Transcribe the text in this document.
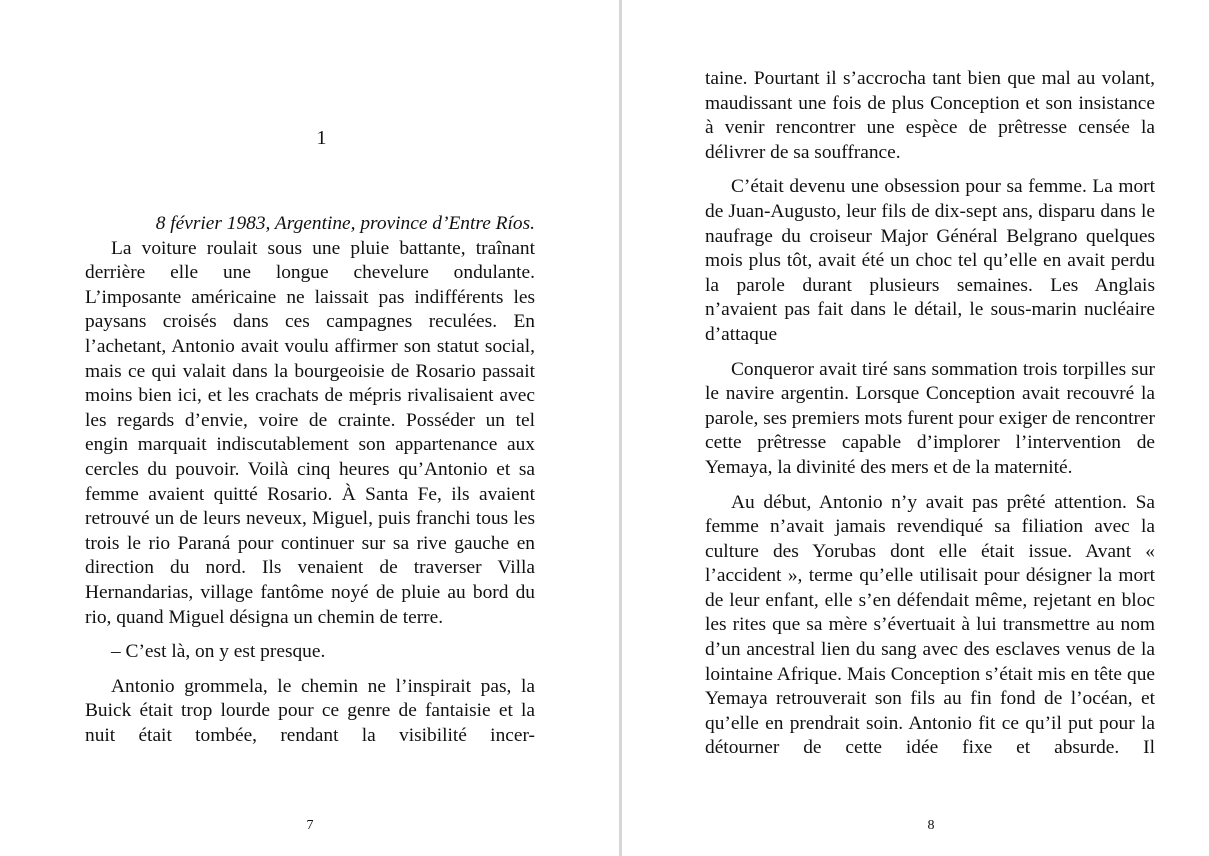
1

8 février 1983, Argentine, province d’Entre Ríos.

La voiture roulait sous une pluie battante, traînant derrière elle une longue chevelure ondulante. L’imposante américaine ne laissait pas indifférents les paysans croisés dans ces campagnes reculées. En l’achetant, Antonio avait voulu affirmer son statut social, mais ce qui valait dans la bourgeoisie de Rosario passait moins bien ici, et les crachats de mépris rivalisaient avec les regards d’envie, voire de crainte. Posséder un tel engin marquait indiscutablement son appartenance aux cercles du pouvoir. Voilà cinq heures qu’Antonio et sa femme avaient quitté Rosario. À Santa Fe, ils avaient retrouvé un de leurs neveux, Miguel, puis franchi tous les trois le rio Paraná pour continuer sur sa rive gauche en direction du nord. Ils venaient de traverser Villa Hernandarias, village fantôme noyé de pluie au bord du rio, quand Miguel désigna un chemin de terre.

– C’est là, on y est presque.

Antonio grommela, le chemin ne l’inspirait pas, la Buick était trop lourde pour ce genre de fantaisie et la nuit était tombée, rendant la visibilité incer-

7

taine. Pourtant il s’accrocha tant bien que mal au volant, maudissant une fois de plus Conception et son insistance à venir rencontrer une espèce de prêtresse censée la délivrer de sa souffrance.

C’était devenu une obsession pour sa femme. La mort de Juan-Augusto, leur fils de dix-sept ans, disparu dans le naufrage du croiseur Major Général Belgrano quelques mois plus tôt, avait été un choc tel qu’elle en avait perdu la parole durant plusieurs semaines. Les Anglais n’avaient pas fait dans le détail, le sous-marin nucléaire d’attaque

Conqueror avait tiré sans sommation trois torpilles sur le navire argentin. Lorsque Conception avait recouvré la parole, ses premiers mots furent pour exiger de rencontrer cette prêtresse capable d’implorer l’intervention de Yemaya, la divinité des mers et de la maternité.

Au début, Antonio n’y avait pas prêté attention. Sa femme n’avait jamais revendiqué sa filiation avec la culture des Yorubas dont elle était issue. Avant « l’accident », terme qu’elle utilisait pour désigner la mort de leur enfant, elle s’en défendait même, rejetant en bloc les rites que sa mère s’évertuait à lui transmettre au nom d’un ancestral lien du sang avec des esclaves venus de la lointaine Afrique. Mais Conception s’était mis en tête que Yemaya retrouverait son fils au fin fond de l’océan, et qu’elle en prendrait soin. Antonio fit ce qu’il put pour la détourner de cette idée fixe et absurde. Il

8
